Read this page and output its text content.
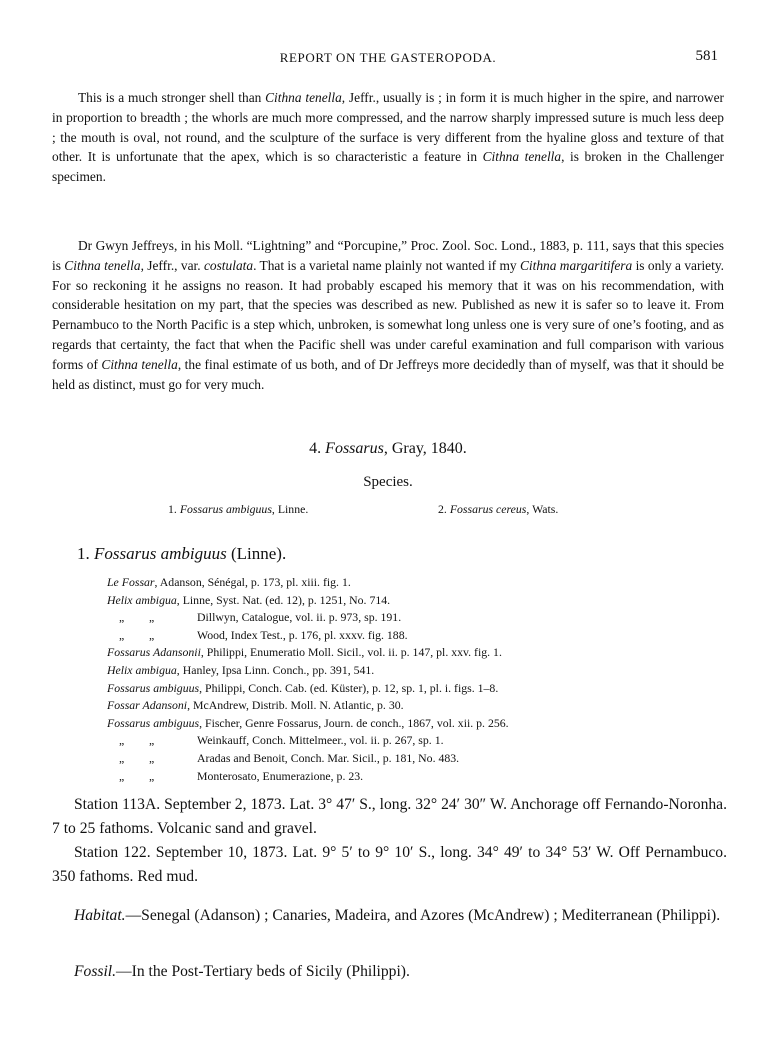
REPORT ON THE GASTEROPODA.	581
This is a much stronger shell than Cithna tenella, Jeffr., usually is ; in form it is much higher in the spire, and narrower in proportion to breadth ; the whorls are much more compressed, and the narrow sharply impressed suture is much less deep ; the mouth is oval, not round, and the sculpture of the surface is very different from the hyaline gloss and texture of that other. It is unfortunate that the apex, which is so characteristic a feature in Cithna tenella, is broken in the Challenger specimen.
Dr Gwyn Jeffreys, in his Moll. “Lightning” and “Porcupine,” Proc. Zool. Soc. Lond., 1883, p. 111, says that this species is Cithna tenella, Jeffr., var. costulata. That is a varietal name plainly not wanted if my Cithna margaritifera is only a variety. For so reckoning it he assigns no reason. It had probably escaped his memory that it was on his recommendation, with considerable hesitation on my part, that the species was described as new. Published as new it is safer so to leave it. From Pernambuco to the North Pacific is a step which, unbroken, is somewhat long unless one is very sure of one’s footing, and as regards that certainty, the fact that when the Pacific shell was under careful examination and full comparison with various forms of Cithna tenella, the final estimate of us both, and of Dr Jeffreys more decidedly than of myself, was that it should be held as distinct, must go for very much.
4. Fossarus, Gray, 1840.
Species.
1. Fossarus ambiguus, Linne.	2. Fossarus cereus, Wats.
1. Fossarus ambiguus (Linne).
Le Fossar, Adanson, Sénégal, p. 173, pl. xiii. fig. 1.
Helix ambigua, Linne, Syst. Nat. (ed. 12), p. 1251, No. 714.
„ „	Dillwyn, Catalogue, vol. ii. p. 973, sp. 191.
„ „	Wood, Index Test., p. 176, pl. xxxv. fig. 188.
Fossarus Adansonii, Philippi, Enumeratio Moll. Sicil., vol. ii. p. 147, pl. xxv. fig. 1.
Helix ambigua, Hanley, Ipsa Linn. Conch., pp. 391, 541.
Fossarus ambiguus, Philippi, Conch. Cab. (ed. Küster), p. 12, sp. 1, pl. i. figs. 1–8.
Fossar Adansoni, McAndrew, Distrib. Moll. N. Atlantic, p. 30.
Fossarus ambiguus, Fischer, Genre Fossarus, Journ. de conch., 1867, vol. xii. p. 256.
„ „	Weinkauff, Conch. Mittelmeer., vol. ii. p. 267, sp. 1.
„ „	Aradas and Benoit, Conch. Mar. Sicil., p. 181, No. 483.
„ „	Monterosato, Enumerazione, p. 23.
Station 113A. September 2, 1873. Lat. 3° 47′ S., long. 32° 24′ 30″ W. Anchorage off Fernando-Noronha. 7 to 25 fathoms. Volcanic sand and gravel.
Station 122. September 10, 1873. Lat. 9° 5′ to 9° 10′ S., long. 34° 49′ to 34° 53′ W. Off Pernambuco. 350 fathoms. Red mud.
Habitat.—Senegal (Adanson) ; Canaries, Madeira, and Azores (McAndrew) ; Mediterranean (Philippi).
Fossil.—In the Post-Tertiary beds of Sicily (Philippi).
